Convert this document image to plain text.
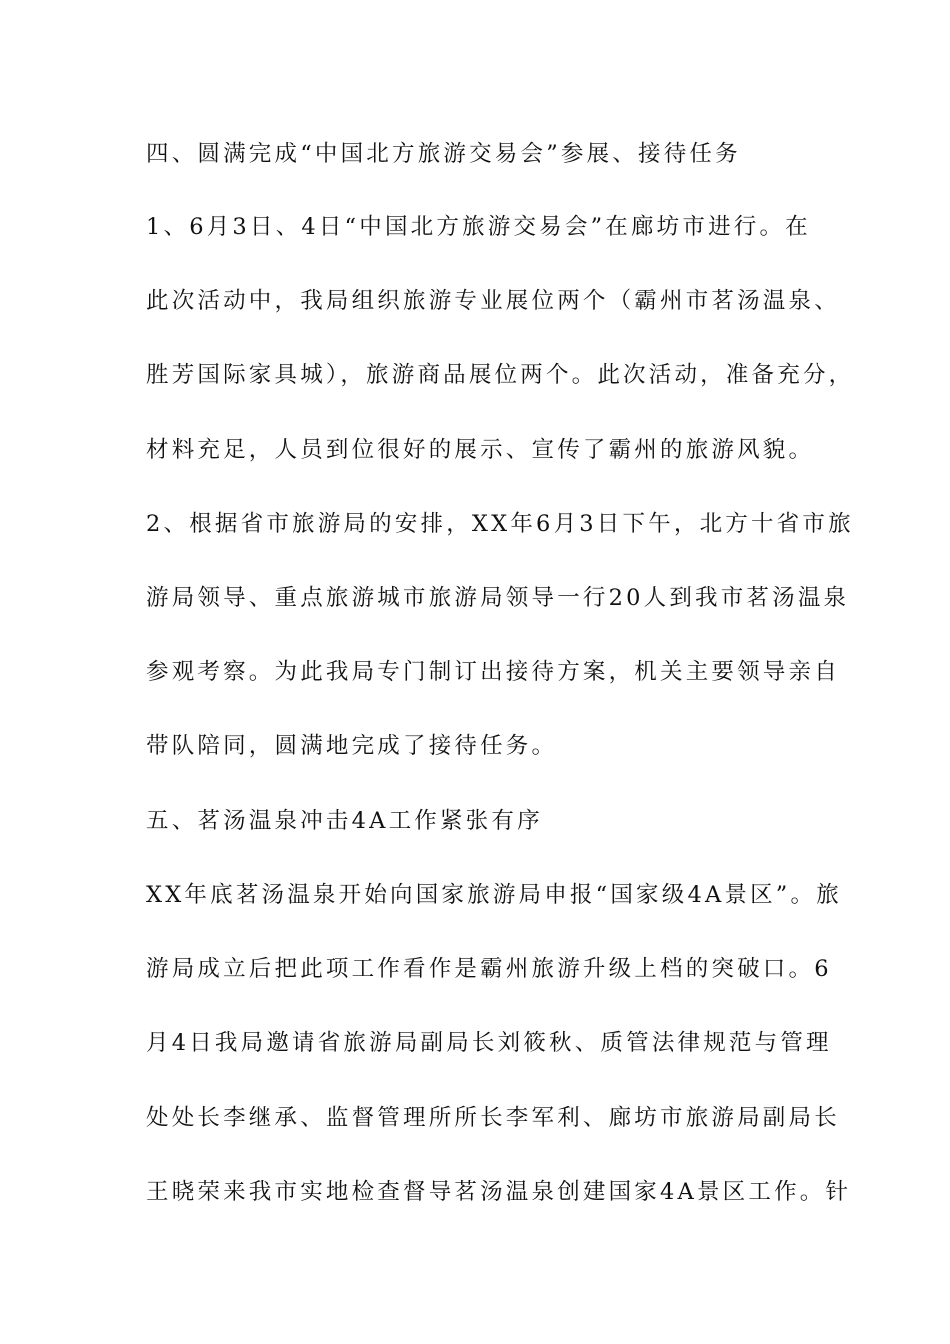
四、圆满完成“中国北方旅游交易会”参展、接待任务
1、6月3日、4日“中国北方旅游交易会”在廊坊市进行。在
此次活动中，我局组织旅游专业展位两个（霸州市茗汤温泉、
胜芳国际家具城），旅游商品展位两个。此次活动，准备充分，
材料充足，人员到位很好的展示、宣传了霸州的旅游风貌。
2、根据省市旅游局的安排，XX年6月3日下午，北方十省市旅
游局领导、重点旅游城市旅游局领导一行20人到我市茗汤温泉
参观考察。为此我局专门制订出接待方案，机关主要领导亲自
带队陪同，圆满地完成了接待任务。
五、茗汤温泉冲击4A工作紧张有序
XX年底茗汤温泉开始向国家旅游局申报“国家级4A景区”。旅
游局成立后把此项工作看作是霸州旅游升级上档的突破口。6
月4日我局邀请省旅游局副局长刘筱秋、质管法律规范与管理
处处长李继承、监督管理所所长李军利、廊坊市旅游局副局长
王晓荣来我市实地检查督导茗汤温泉创建国家4A景区工作。针
